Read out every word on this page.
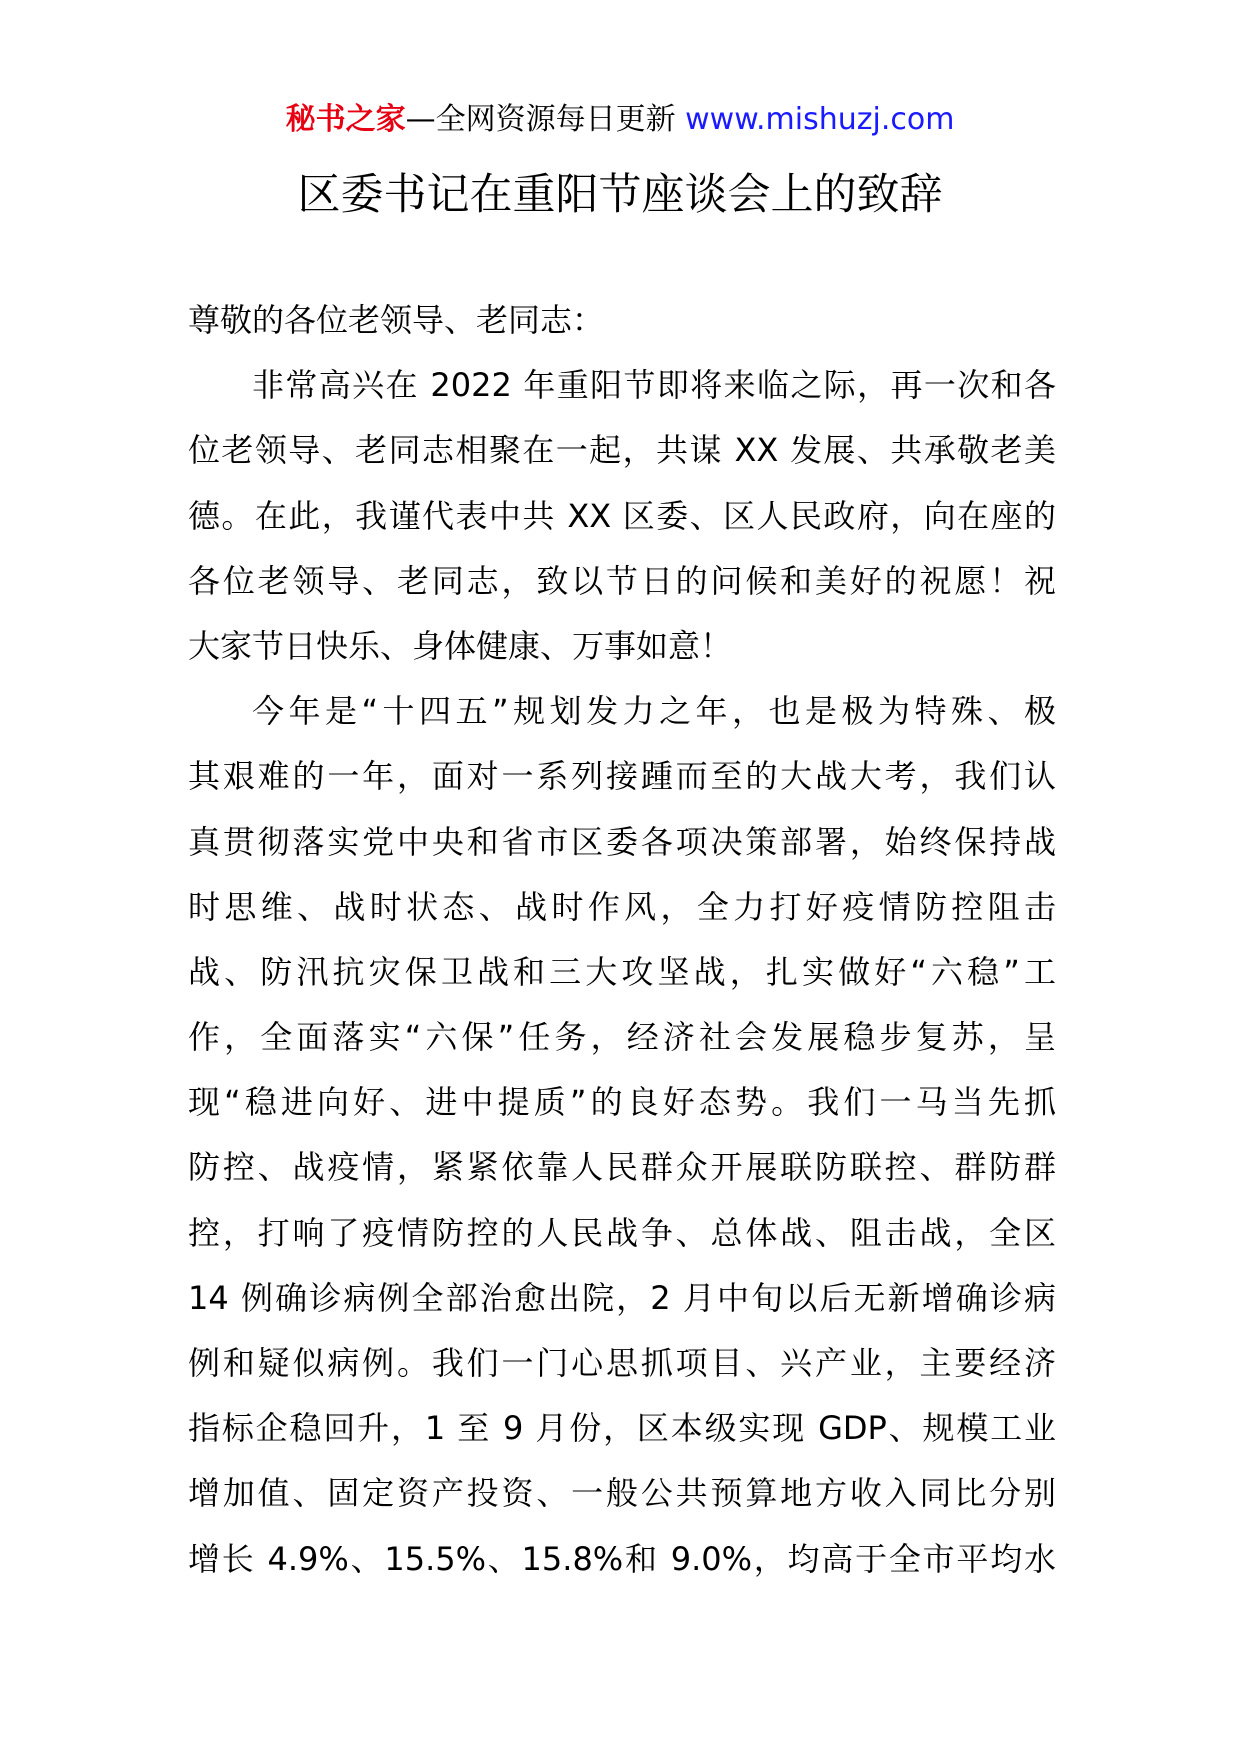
秘书之家—全网资源每日更新 www.mishuzj.com
区委书记在重阳节座谈会上的致辞
尊敬的各位老领导、老同志：
非常高兴在 2022 年重阳节即将来临之际，再一次和各
位老领导、老同志相聚在一起，共谋 XX 发展、共承敬老美
德。在此，我谨代表中共 XX 区委、区人民政府，向在座的
各位老领导、老同志，致以节日的问候和美好的祝愿！祝
大家节日快乐、身体健康、万事如意！
今年是“十四五”规划发力之年，也是极为特殊、极
其艰难的一年，面对一系列接踵而至的大战大考，我们认
真贯彻落实党中央和省市区委各项决策部署，始终保持战
时思维、战时状态、战时作风，全力打好疫情防控阻击
战、防汛抗灾保卫战和三大攻坚战，扎实做好“六稳”工
作，全面落实“六保”任务，经济社会发展稳步复苏，呈
现“稳进向好、进中提质”的良好态势。我们一马当先抓
防控、战疫情，紧紧依靠人民群众开展联防联控、群防群
控，打响了疫情防控的人民战争、总体战、阻击战，全区
14 例确诊病例全部治愈出院，2 月中旬以后无新增确诊病
例和疑似病例。我们一门心思抓项目、兴产业，主要经济
指标企稳回升，1 至 9 月份，区本级实现 GDP、规模工业
增加值、固定资产投资、一般公共预算地方收入同比分别
增长 4.9%、15.5%、15.8%和 9.0%，均高于全市平均水
